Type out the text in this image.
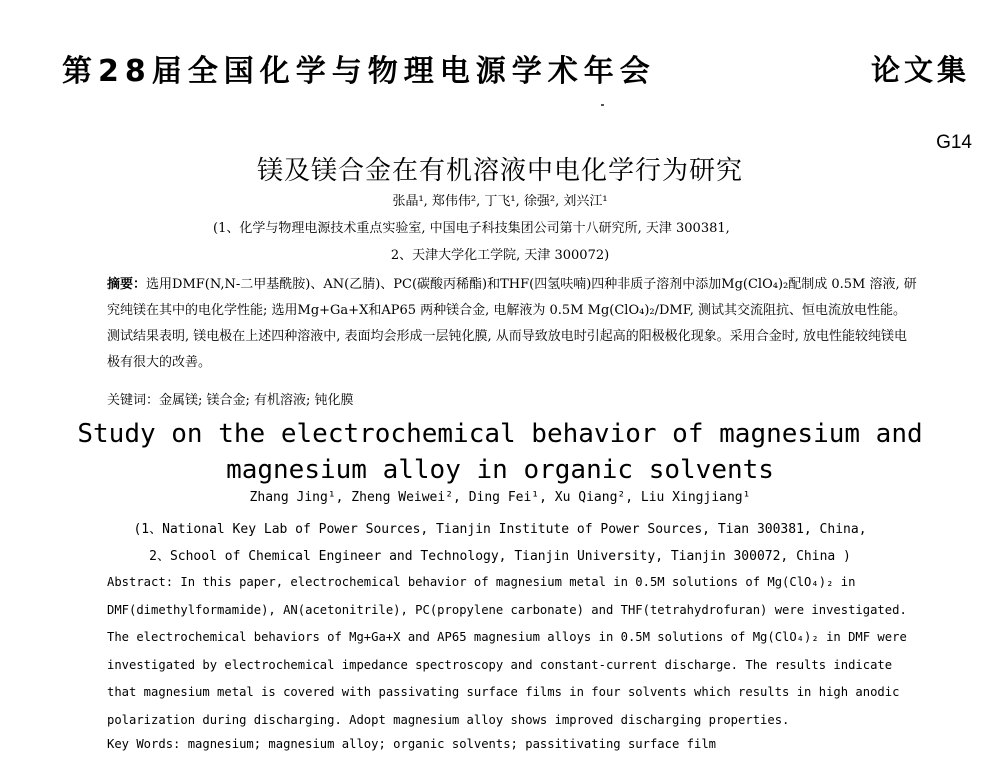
第28届全国化学与物理电源学术年会	论文集
G14
镁及镁合金在有机溶液中电化学行为研究
张晶¹, 郑伟伟², 丁飞¹, 徐强², 刘兴江¹
(1、化学与物理电源技术重点实验室, 中国电子科技集团公司第十八研究所, 天津 300381,
2、天津大学化工学院, 天津 300072)
摘要：选用DMF(N,N-二甲基酰胺)、AN(乙腈)、PC(碳酸丙稀酯)和THF(四氢呋喃)四种非质子溶剂中添加Mg(ClO₄)₂配制成 0.5M 溶液, 研究纯镁在其中的电化学性能; 选用Mg+Ga+X和AP65 两种镁合金, 电解液为 0.5M Mg(ClO₄)₂/DMF, 测试其交流阻抗、恒电流放电性能。测试结果表明, 镁电极在上述四种溶液中, 表面均会形成一层钝化膜, 从而导致放电时引起高的阳极极化现象。采用合金时, 放电性能较纯镁电极有很大的改善。
关键词：金属镁; 镁合金; 有机溶液; 钝化膜
Study on the electrochemical behavior of magnesium and magnesium alloy in organic solvents
Zhang Jing¹, Zheng Weiwei², Ding Fei¹, Xu Qiang², Liu Xingjiang¹
(1、National Key Lab of Power Sources, Tianjin Institute of Power Sources, Tian 300381, China,
2、School of Chemical Engineer and Technology, Tianjin University, Tianjin 300072, China )
Abstract: In this paper, electrochemical behavior of magnesium metal in 0.5M solutions of Mg(ClO₄)₂ in DMF(dimethylformamide), AN(acetonitrile), PC(propylene carbonate) and THF(tetrahydrofuran) were investigated. The electrochemical behaviors of Mg+Ga+X and AP65 magnesium alloys in 0.5M solutions of Mg(ClO₄)₂ in DMF were investigated by electrochemical impedance spectroscopy and constant-current discharge. The results indicate that magnesium metal is covered with passivating surface films in four solvents which results in high anodic polarization during discharging. Adopt magnesium alloy shows improved discharging properties.
Key Words: magnesium; magnesium alloy; organic solvents; passitivating surface film
